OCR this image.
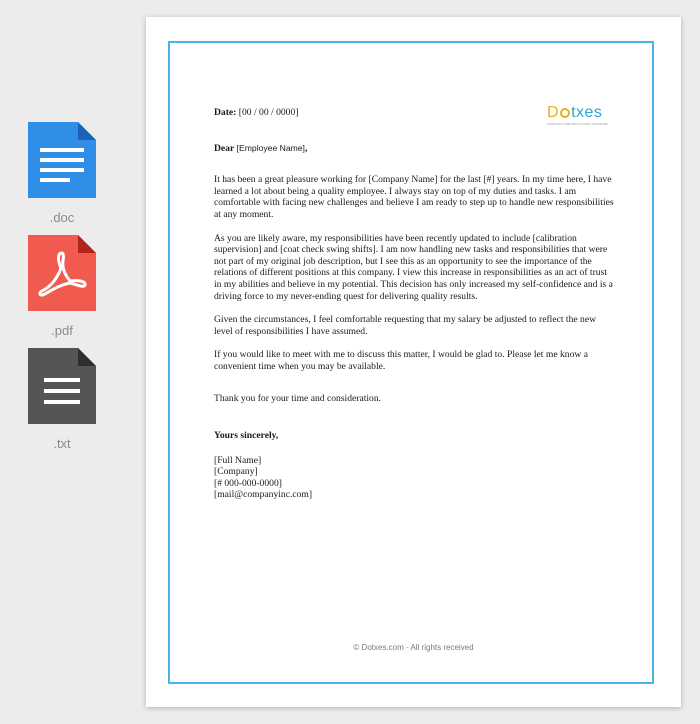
.doc
.pdf
.txt
D txes
CREATING A BETTER FUTURE TOGETHER

Date: [00 / 00 / 0000]

Dear [Employee Name],

It has been a great pleasure working for [Company Name] for the last [#] years. In my time here, I have learned a lot about being a quality employee. I always stay on top of my duties and tasks. I am comfortable with facing new challenges and believe I am ready to step up to handle new responsibilities at any moment.

As you are likely aware, my responsibilities have been recently updated to include [calibration supervision] and [coat check swing shifts]. I am now handling new tasks and responsibilities that were not part of my original job description, but I see this as an opportunity to see the importance of the relations of different positions at this company. I view this increase in responsibilities as an act of trust in my abilities and believe in my potential. This decision has only increased my self-confidence and is a driving force to my never-ending quest for delivering quality results.

Given the circumstances, I feel comfortable requesting that my salary be adjusted to reflect the new level of responsibilities I have assumed.

If you would like to meet with me to discuss this matter, I would be glad to. Please let me know a convenient time when you may be available.

Thank you for your time and consideration.

Yours sincerely,

[Full Name]

[Company]

[# 000-000-0000]

[mail@companyinc.com]

© Dotxes.com - All rights received
